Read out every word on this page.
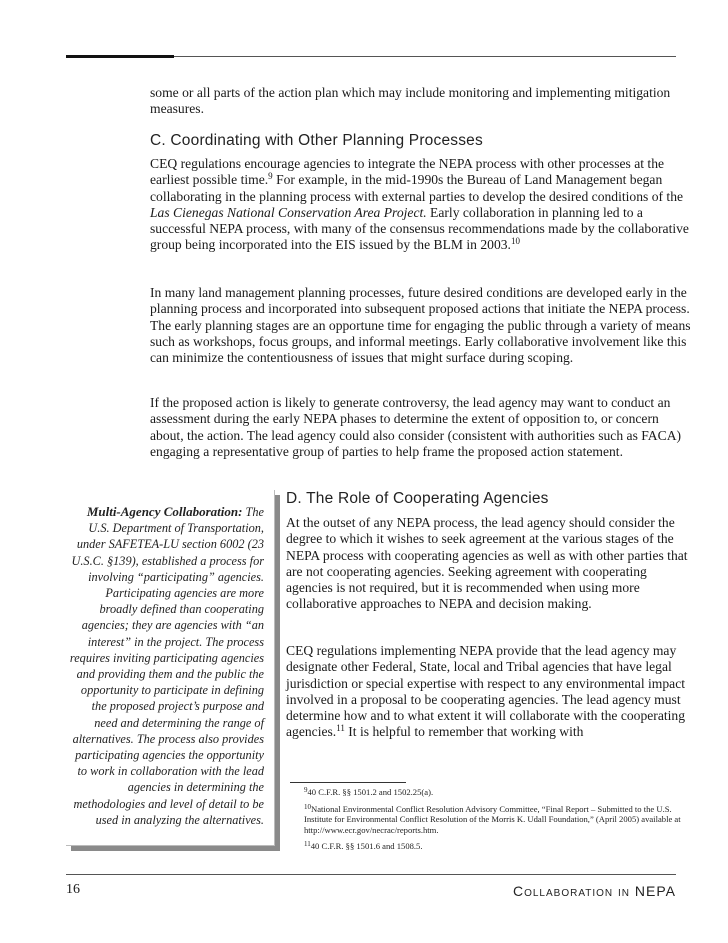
some or all parts of the action plan which may include monitoring and implementing mitigation measures.

C. Coordinating with Other Planning Processes

CEQ regulations encourage agencies to integrate the NEPA process with other processes at the earliest possible time.$^9$ For example, in the mid-1990s the Bureau of Land Management began collaborating in the planning process with external parties to develop the desired conditions of the Las Cienegas National Conservation Area Project. Early collaboration in planning led to a successful NEPA process, with many of the consensus recommendations made by the collaborative group being incorporated into the EIS issued by the BLM in 2003.10

In many land management planning processes, future desired conditions are developed early in the planning process and incorporated into subsequent proposed actions that initiate the NEPA process. The early planning stages are an opportune time for engaging the public through a variety of means such as workshops, focus groups, and informal meetings. Early collaborative involvement like this can minimize the contentiousness of issues that might surface during scoping.

If the proposed action is likely to generate controversy, the lead agency may want to conduct an assessment during the early NEPA phases to determine the extent of opposition to, or concern about, the action. The lead agency could also consider (consistent with authorities such as FACA) engaging a representative group of parties to help frame the proposed action statement.

Multi-Agency Collaboration: The U.S. Department of Transportation, under SAFETEA-LU section 6002 (23 U.S.C. §139), established a process for involving “participating” agencies. Participating agencies are more broadly defined than cooperating agencies; they are agencies with “an interest” in the project. The process requires inviting participating agencies and providing them and the public the opportunity to participate in defining the proposed project’s purpose and need and determining the range of alternatives. The process also provides participating agencies the opportunity to work in collaboration with the lead agencies in determining the methodologies and level of detail to be used in analyzing the alternatives.
D. The Role of Cooperating Agencies

At the outset of any NEPA process, the lead agency should consider the degree to which it wishes to seek agreement at the various stages of the NEPA process with cooperating agencies as well as with other parties that are not cooperating agencies. Seeking agreement with cooperating agencies is not required, but it is recommended when using more collaborative approaches to NEPA and decision making.

CEQ regulations implementing NEPA provide that the lead agency may designate other Federal, State, local and Tribal agencies that have legal jurisdiction or special expertise with respect to any environmental impact involved in a proposal to be cooperating agencies. The lead agency must determine how and to what extent it will collaborate with the cooperating agencies.$^{11}$ It is helpful to remember that working with

$^9$40 C.F.R. §§ 1501.2 and 1502.25(a).

$^{10}$National Environmental Conflict Resolution Advisory Committee, “Final Report – Submitted to the U.S. Institute for Environmental Conflict Resolution of the Morris K. Udall Foundation,” (April 2005) available at http://www.ecr.gov/necrac/reports.htm.

$^{11}$40 C.F.R. §§ 1501.6 and 1508.5.

16	Collaboration in NEPA
